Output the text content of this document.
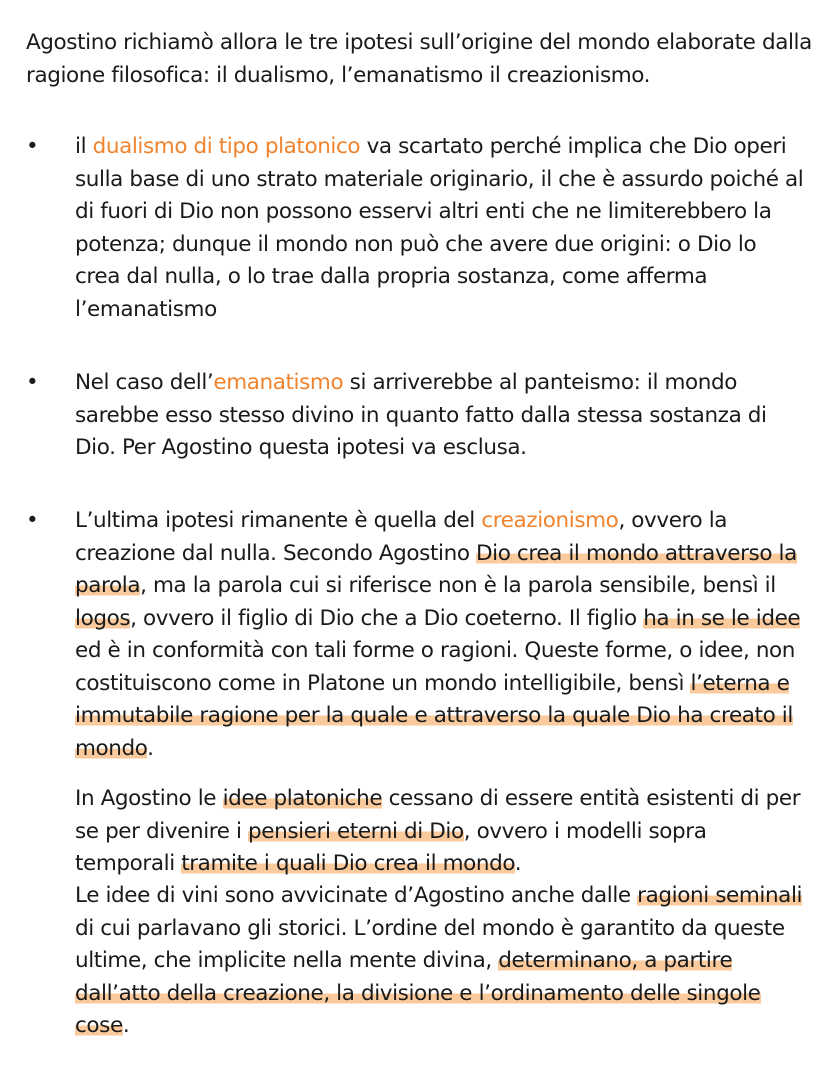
Agostino richiamò allora le tre ipotesi sull’origine del mondo elaborate dalla ragione filosofica: il dualismo, l’emanatismo il creazionismo.

•	il dualismo di tipo platonico va scartato perché implica che Dio operi sulla base di uno strato materiale originario, il che è assurdo poiché al di fuori di Dio non possono esservi altri enti che ne limiterebbero la potenza; dunque il mondo non può che avere due origini: o Dio lo crea dal nulla, o lo trae dalla propria sostanza, come afferma l’emanatismo

•	Nel caso dell’emanatismo si arriverebbe al panteismo: il mondo sarebbe esso stesso divino in quanto fatto dalla stessa sostanza di Dio. Per Agostino questa ipotesi va esclusa.

•	L’ultima ipotesi rimanente è quella del creazionismo, ovvero la creazione dal nulla. Secondo Agostino Dio crea il mondo attraverso la parola, ma la parola cui si riferisce non è la parola sensibile, bensì il logos, ovvero il figlio di Dio che a Dio coeterno. Il figlio ha in se le idee ed è in conformità con tali forme o ragioni. Queste forme, o idee, non costituiscono come in Platone un mondo intelligibile, bensì l’eterna e immutabile ragione per la quale e attraverso la quale Dio ha creato il mondo.

In Agostino le idee platoniche cessano di essere entità esistenti di per se per divenire i pensieri eterni di Dio, ovvero i modelli sopra temporali tramite i quali Dio crea il mondo.

Le idee di vini sono avvicinate d’Agostino anche dalle ragioni seminali di cui parlavano gli storici. L’ordine del mondo è garantito da queste ultime, che implicite nella mente divina, determinano, a partire dall’atto della creazione, la divisione e l’ordinamento delle singole cose.
